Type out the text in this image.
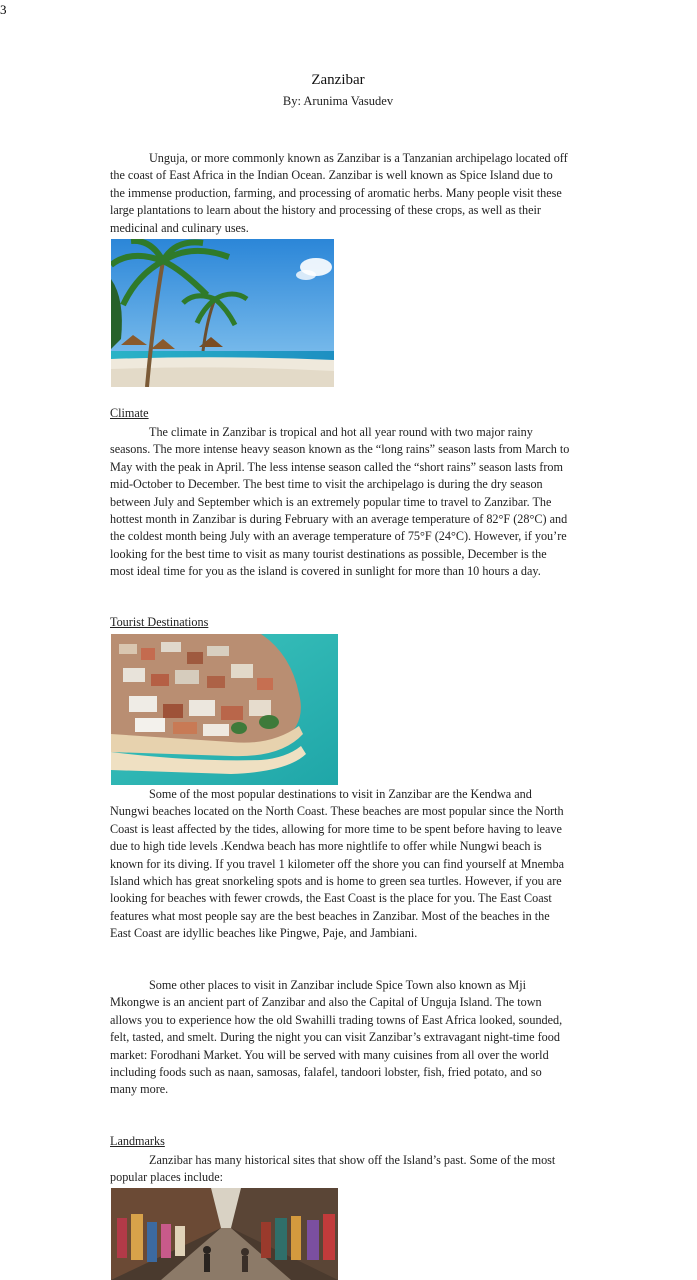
3
Zanzibar
By: Arunima Vasudev

Unguja, or more commonly known as Zanzibar is a Tanzanian archipelago located off the coast of East Africa in the Indian Ocean. Zanzibar is well known as Spice Island due to the immense production, farming, and processing of aromatic herbs. Many people visit these large plantations to learn about the history and processing of these crops, as well as their medicinal and culinary uses.

Climate

The climate in Zanzibar is tropical and hot all year round with two major rainy seasons. The more intense heavy season known as the “long rains” season lasts from March to May with the peak in April. The less intense season called the “short rains” season lasts from mid-October to December. The best time to visit the archipelago is during the dry season between July and September which is an extremely popular time to travel to Zanzibar. The hottest month in Zanzibar is during February with an average temperature of 82°F (28°C) and the coldest month being July with an average temperature of 75°F (24°C). However, if you’re looking for the best time to visit as many tourist destinations as possible, December is the most ideal time for you as the island is covered in sunlight for more than 10 hours a day.

Tourist Destinations

Some of the most popular destinations to visit in Zanzibar are the Kendwa and Nungwi beaches located on the North Coast. These beaches are most popular since the North Coast is least affected by the tides, allowing for more time to be spent before having to leave due to high tide levels .Kendwa beach has more nightlife to offer while Nungwi beach is known for its diving. If you travel 1 kilometer off the shore you can find yourself at Mnemba Island which has great snorkeling spots and is home to green sea turtles. However, if you are looking for beaches with fewer crowds, the East Coast is the place for you. The East Coast features what most people say are the best beaches in Zanzibar. Most of the beaches in the East Coast are idyllic beaches like Pingwe, Paje, and Jambiani.

Some other places to visit in Zanzibar include Spice Town also known as Mji Mkongwe is an ancient part of Zanzibar and also the Capital of Unguja Island. The town allows you to experience how the old Swahilli trading towns of East Africa looked, sounded, felt, tasted, and smelt. During the night you can visit Zanzibar’s extravagant night-time food market: Forodhani Market. You will be served with many cuisines from all over the world including foods such as naan, samosas, falafel, tandoori lobster, fish, fried potato, and so many more.

Landmarks

Zanzibar has many historical sites that show off the Island’s past. Some of the most popular places include:
